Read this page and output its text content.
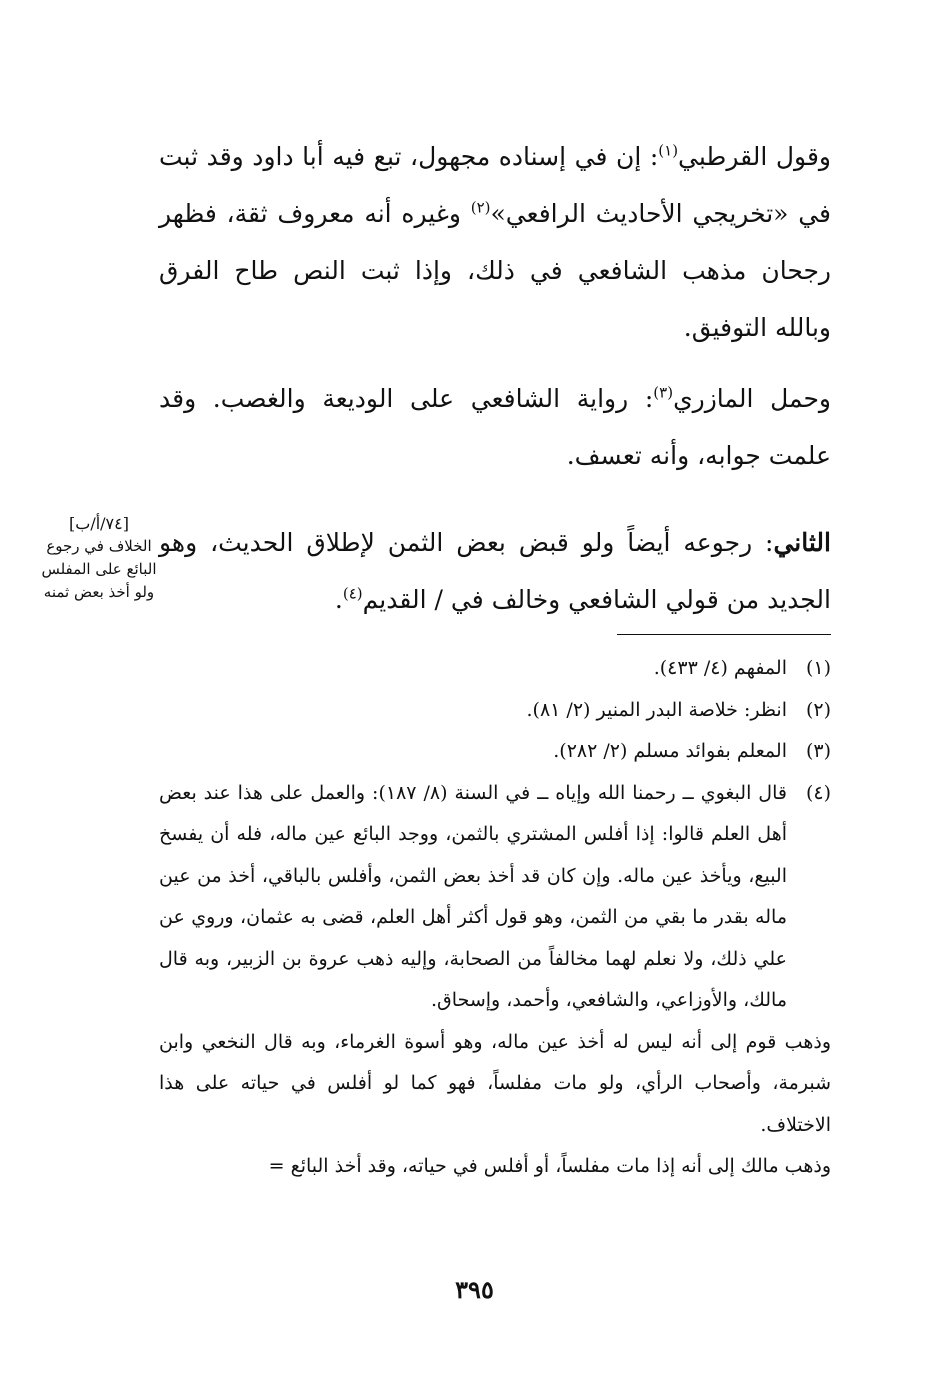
وقول القرطبي$^{(١)}$: إن في إسناده مجهول، تبع فيه أبا داود وقد ثبت في «تخريجي الأحاديث الرافعي»$^{(٢)}$ وغيره أنه معروف ثقة، فظهر رجحان مذهب الشافعي في ذلك، وإذا ثبت النص طاح الفرق وبالله التوفيق.
وحمل المازري$^{(٣)}$: رواية الشافعي على الوديعة والغصب. وقد علمت جوابه، وأنه تعسف.
الثاني: رجوعه أيضاً ولو قبض بعض الثمن لإطلاق الحديث، وهو الجديد من قولي الشافعي وخالف في / القديم$^{(٤)}$.
[٧٤/أ/ب]
الخلاف في رجوع البائع على المفلس ولو أخذ بعض ثمنه
(١)
المفهم (٤/ ٤٣٣).
(٢)
انظر: خلاصة البدر المنير (٢/ ٨١).
(٣)
المعلم بفوائد مسلم (٢/ ٢٨٢).
(٤)
قال البغوي ــ رحمنا الله وإياه ــ في السنة (٨/ ١٨٧): والعمل على هذا عند بعض أهل العلم قالوا: إذا أفلس المشتري بالثمن، ووجد البائع عين ماله، فله أن يفسخ البيع، ويأخذ عين ماله. وإن كان قد أخذ بعض الثمن، وأفلس بالباقي، أخذ من عين ماله بقدر ما بقي من الثمن، وهو قول أكثر أهل العلم، قضى به عثمان، وروي عن علي ذلك، ولا نعلم لهما مخالفاً من الصحابة، وإليه ذهب عروة بن الزبير، وبه قال مالك، والأوزاعي، والشافعي، وأحمد، وإسحاق.
وذهب قوم إلى أنه ليس له أخذ عين ماله، وهو أسوة الغرماء، وبه قال النخعي وابن شبرمة، وأصحاب الرأي، ولو مات مفلساً، فهو كما لو أفلس في حياته على هذا الاختلاف.
وذهب مالك إلى أنه إذا مات مفلساً، أو أفلس في حياته، وقد أخذ البائع =
٣٩٥
